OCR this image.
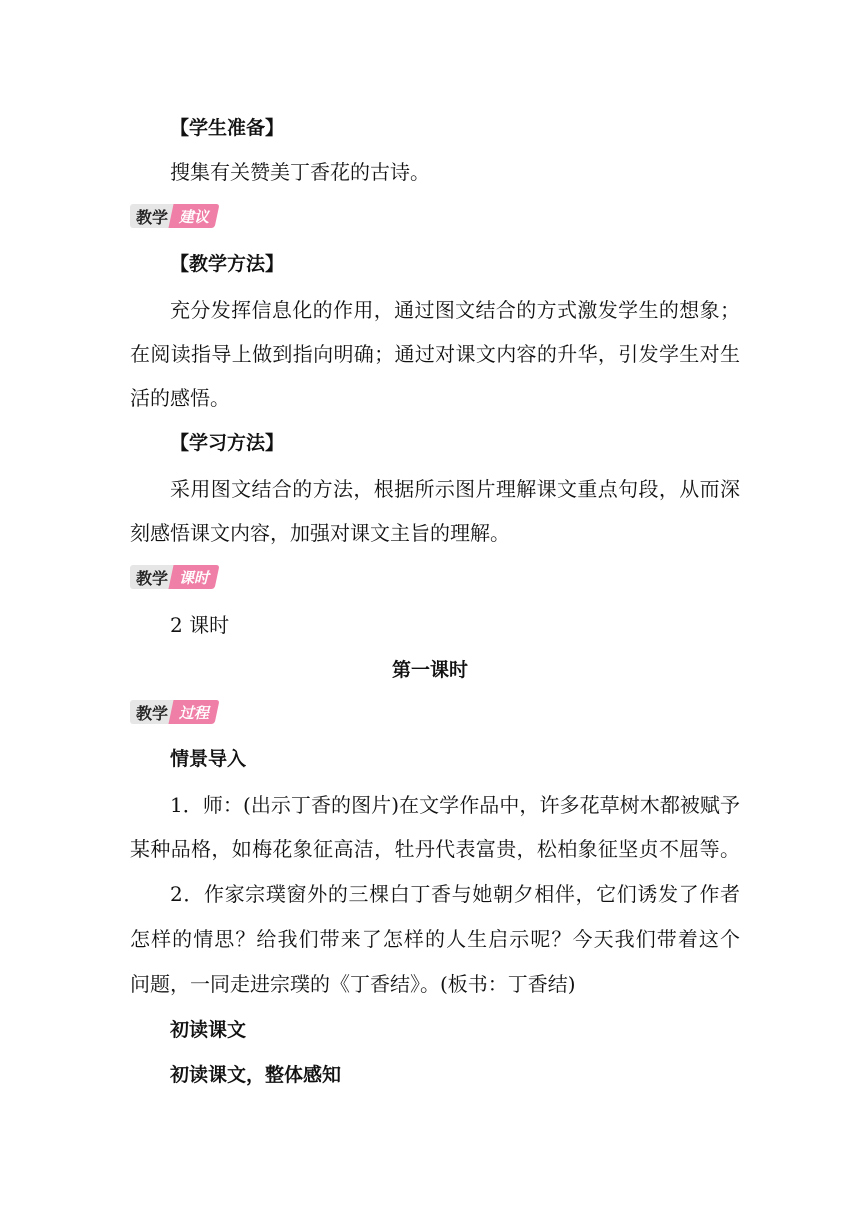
【学生准备】
搜集有关赞美丁香花的古诗。
教学 建议
【教学方法】
充分发挥信息化的作用，通过图文结合的方式激发学生的想象；
在阅读指导上做到指向明确；通过对课文内容的升华，引发学生对生
活的感悟。
【学习方法】
采用图文结合的方法，根据所示图片理解课文重点句段，从而深
刻感悟课文内容，加强对课文主旨的理解。
教学 课时
2 课时
第一课时
教学 过程
情景导入
1．师：(出示丁香的图片)在文学作品中，许多花草树木都被赋予
某种品格，如梅花象征高洁，牡丹代表富贵，松柏象征坚贞不屈等。
2．作家宗璞窗外的三棵白丁香与她朝夕相伴，它们诱发了作者
怎样的情思？给我们带来了怎样的人生启示呢？今天我们带着这个
问题，一同走进宗璞的《丁香结》。(板书：丁香结)
初读课文
初读课文，整体感知
